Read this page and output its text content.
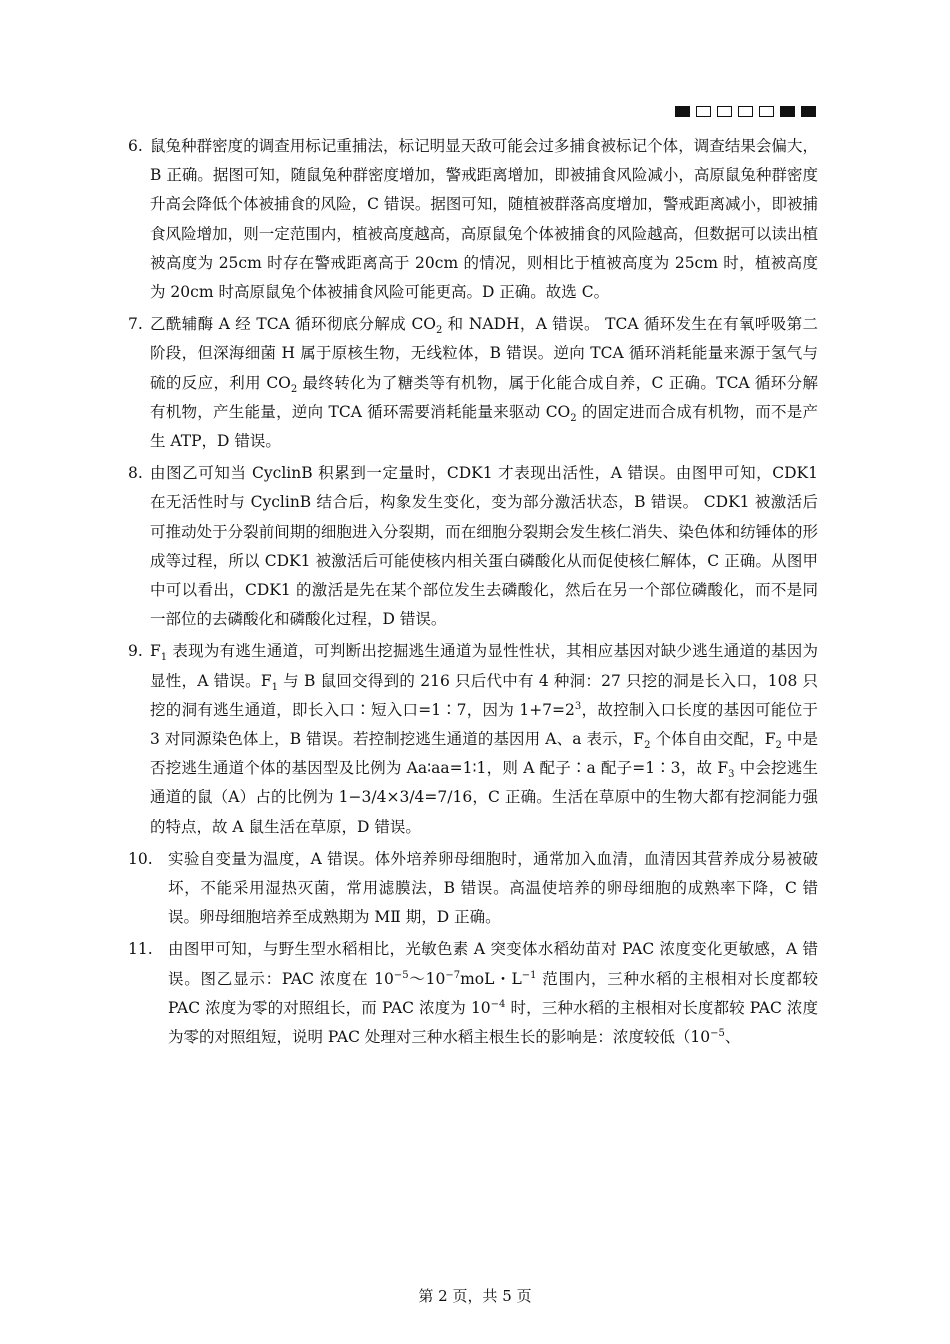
6. 鼠兔种群密度的调查用标记重捕法，标记明显天敌可能会过多捕食被标记个体，调查结果会偏大，B 正确。据图可知，随鼠兔种群密度增加，警戒距离增加，即被捕食风险减小，高原鼠兔种群密度升高会降低个体被捕食的风险，C 错误。据图可知，随植被群落高度增加，警戒距离减小，即被捕食风险增加，则一定范围内，植被高度越高，高原鼠兔个体被捕食的风险越高，但数据可以读出植被高度为 25cm 时存在警戒距离高于 20cm 的情况，则相比于植被高度为 25cm 时，植被高度为 20cm 时高原鼠兔个体被捕食风险可能更高。D 正确。故选 C。
7. 乙酰辅酶 A 经 TCA 循环彻底分解成 $CO_2$ 和 NADH，A 错误。 TCA 循环发生在有氧呼吸第二阶段，但深海细菌 H 属于原核生物，无线粒体，B 错误。逆向 TCA 循环消耗能量来源于氢气与硫的反应，利用 $CO_2$ 最终转化为了糖类等有机物，属于化能合成自养，C 正确。TCA 循环分解有机物，产生能量，逆向 TCA 循环需要消耗能量来驱动 $CO_2$ 的固定进而合成有机物，而不是产生 ATP，D 错误。
8. 由图乙可知当 CyclinB 积累到一定量时，CDK1 才表现出活性，A 错误。由图甲可知，CDK1 在无活性时与 CyclinB 结合后，构象发生变化，变为部分激活状态，B 错误。 CDK1 被激活后可推动处于分裂前间期的细胞进入分裂期，而在细胞分裂期会发生核仁消失、染色体和纺锤体的形成等过程，所以 CDK1 被激活后可能使核内相关蛋白磷酸化从而促使核仁解体，C 正确。从图甲中可以看出，CDK1 的激活是先在某个部位发生去磷酸化，然后在另一个部位磷酸化，而不是同一部位的去磷酸化和磷酸化过程，D 错误。
9. $F_1$ 表现为有逃生通道，可判断出挖掘逃生通道为显性性状，其相应基因对缺少逃生通道的基因为显性，A 错误。$F_1$ 与 B 鼠回交得到的 216 只后代中有 4 种洞：27 只挖的洞是长入口，108 只挖的洞有逃生通道，即长入口∶短入口=1∶7，因为 $1+7=2^3$，故控制入口长度的基因可能位于 3 对同源染色体上，B 错误。若控制挖逃生通道的基因用 A、a 表示，$F_2$ 个体自由交配，$F_2$ 中是否挖逃生通道个体的基因型及比例为 Aa∶aa=1∶1，则 A 配子∶a 配子=1∶3，故 $F_3$ 中会挖逃生通道的鼠（A）占的比例为 1−3/4×3/4=7/16，C 正确。生活在草原中的生物大都有挖洞能力强的特点，故 A 鼠生活在草原，D 错误。
10. 实验自变量为温度，A 错误。体外培养卵母细胞时，通常加入血清，血清因其营养成分易被破坏，不能采用湿热灭菌，常用滤膜法，B 错误。高温使培养的卵母细胞的成熟率下降，C 错误。卵母细胞培养至成熟期为 MⅡ 期，D 正确。
11. 由图甲可知，与野生型水稻相比，光敏色素 A 突变体水稻幼苗对 PAC 浓度变化更敏感，A 错误。图乙显示：PAC 浓度在 $10^{-5}\sim 10^{-7}moL$・$L^{-1}$ 范围内，三种水稻的主根相对长度都较 PAC 浓度为零的对照组长，而 PAC 浓度为 $10^{-4}$ 时，三种水稻的主根相对长度都较 PAC 浓度为零的对照组短，说明 PAC 处理对三种水稻主根生长的影响是：浓度较低（$10^{-5}$、
第 2 页，共 5 页
